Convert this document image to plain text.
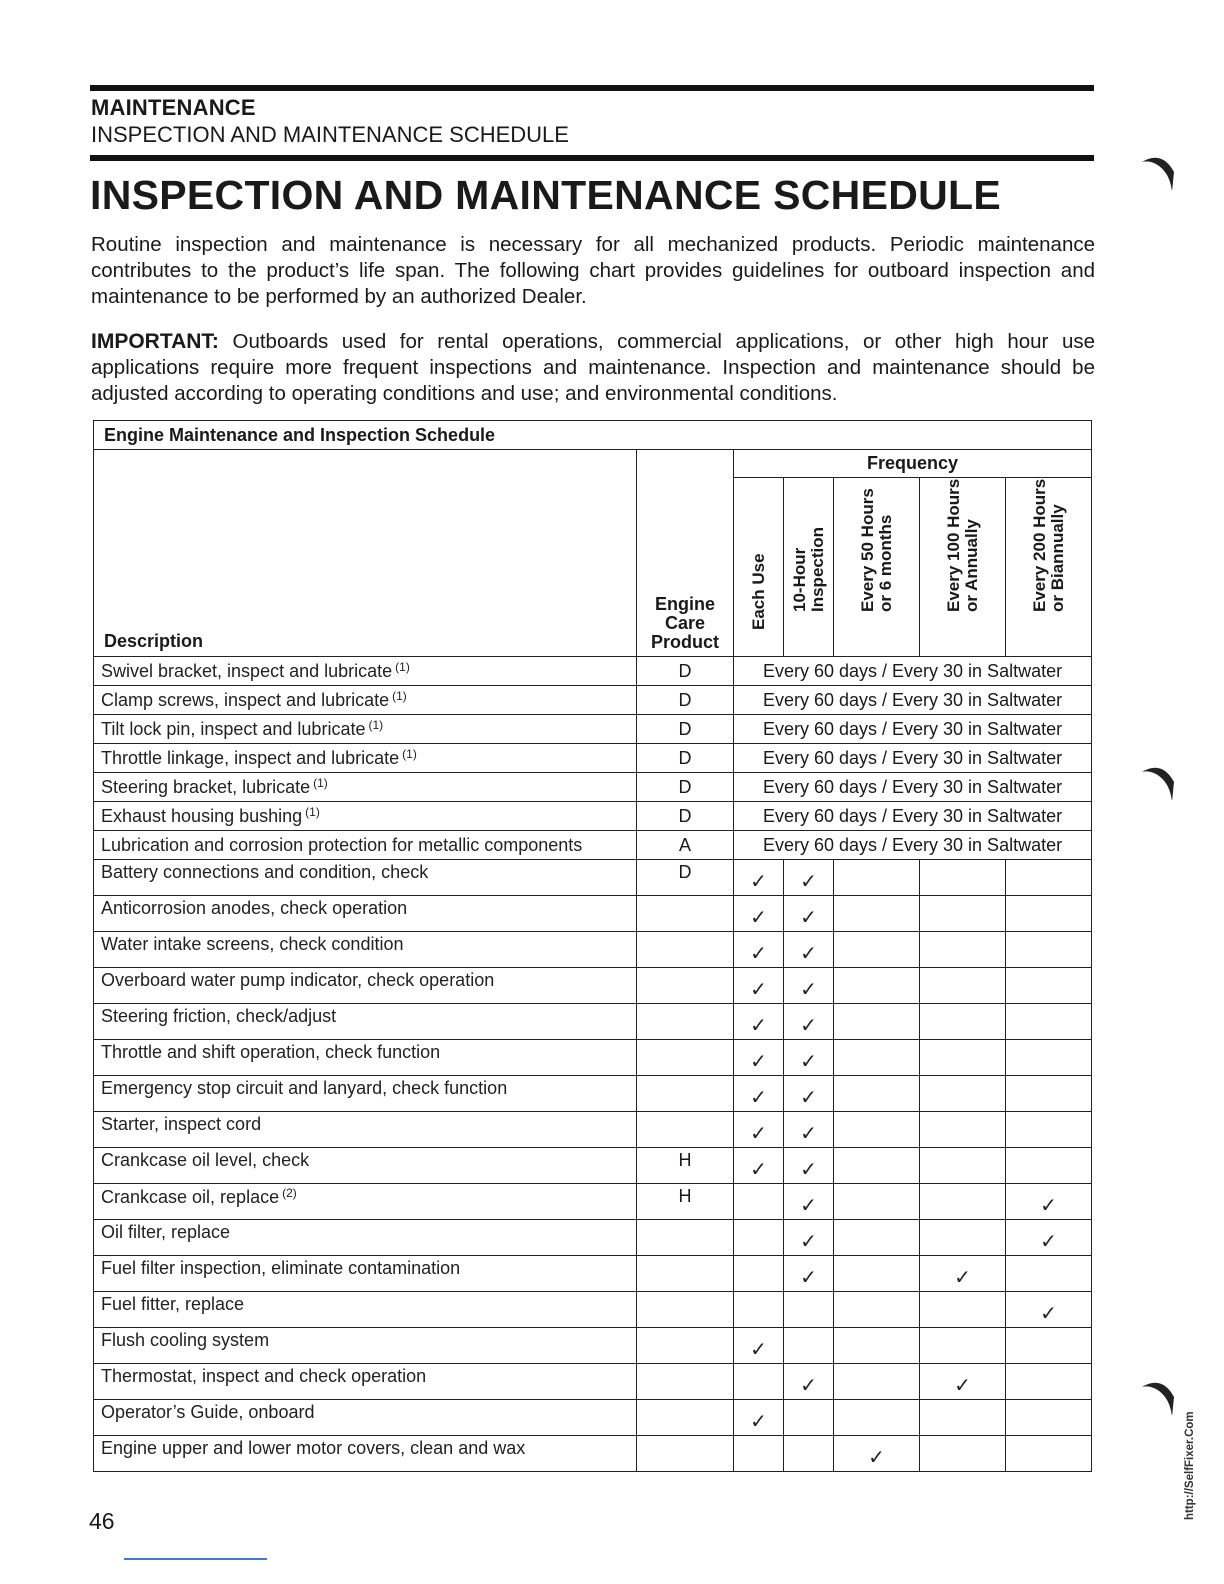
MAINTENANCE
INSPECTION AND MAINTENANCE SCHEDULE
INSPECTION AND MAINTENANCE SCHEDULE

Routine inspection and maintenance is necessary for all mechanized products. Periodic maintenance contributes to the product’s life span. The following chart provides guidelines for outboard inspection and maintenance to be performed by an authorized Dealer.

IMPORTANT: Outboards used for rental operations, commercial applications, or other high hour use applications require more frequent inspections and maintenance. Inspection and maintenance should be adjusted according to operating conditions and use; and environmental conditions.

Engine Maintenance and Inspection Schedule						
Description	Engine
Care
Product	Frequency				

		Each Use	10-Hour Inspection	Every 50 Hours or 6 months	Every 100 Hours or Annually	Every 200 Hours or Biannually

Swivel bracket, inspect and lubricate $^{(1)}$	D	Every 60 days / Every 30 in Saltwater				
Clamp screws, inspect and lubricate $^{(1)}$	D	Every 60 days / Every 30 in Saltwater				
Tilt lock pin, inspect and lubricate $^{(1)}$	D	Every 60 days / Every 30 in Saltwater				
Throttle linkage, inspect and lubricate $^{(1)}$	D	Every 60 days / Every 30 in Saltwater				
Steering bracket, lubricate $^{(1)}$	D	Every 60 days / Every 30 in Saltwater				
Exhaust housing bushing $^{(1)}$	D	Every 60 days / Every 30 in Saltwater				
Lubrication and corrosion protection for metallic components	A	Every 60 days / Every 30 in Saltwater				
Battery connections and condition, check	D	✓	✓			
Anticorrosion anodes, check operation		✓	✓			
Water intake screens, check condition		✓	✓			
Overboard water pump indicator, check operation		✓	✓			
Steering friction, check/adjust		✓	✓			
Throttle and shift operation, check function		✓	✓			
Emergency stop circuit and lanyard, check function		✓	✓			
Starter, inspect cord		✓	✓			
Crankcase oil level, check	H	✓	✓			
Crankcase oil, replace $^{(2)}$	H		✓			✓
Oil filter, replace			✓			✓
Fuel filter inspection, eliminate contamination			✓		✓	
Fuel fitter, replace						✓
Flush cooling system		✓				
Thermostat, inspect and check operation			✓		✓	
Operator’s Guide, onboard		✓				
Engine upper and lower motor covers, clean and wax				✓		
46
http://SelfFixer.Com
